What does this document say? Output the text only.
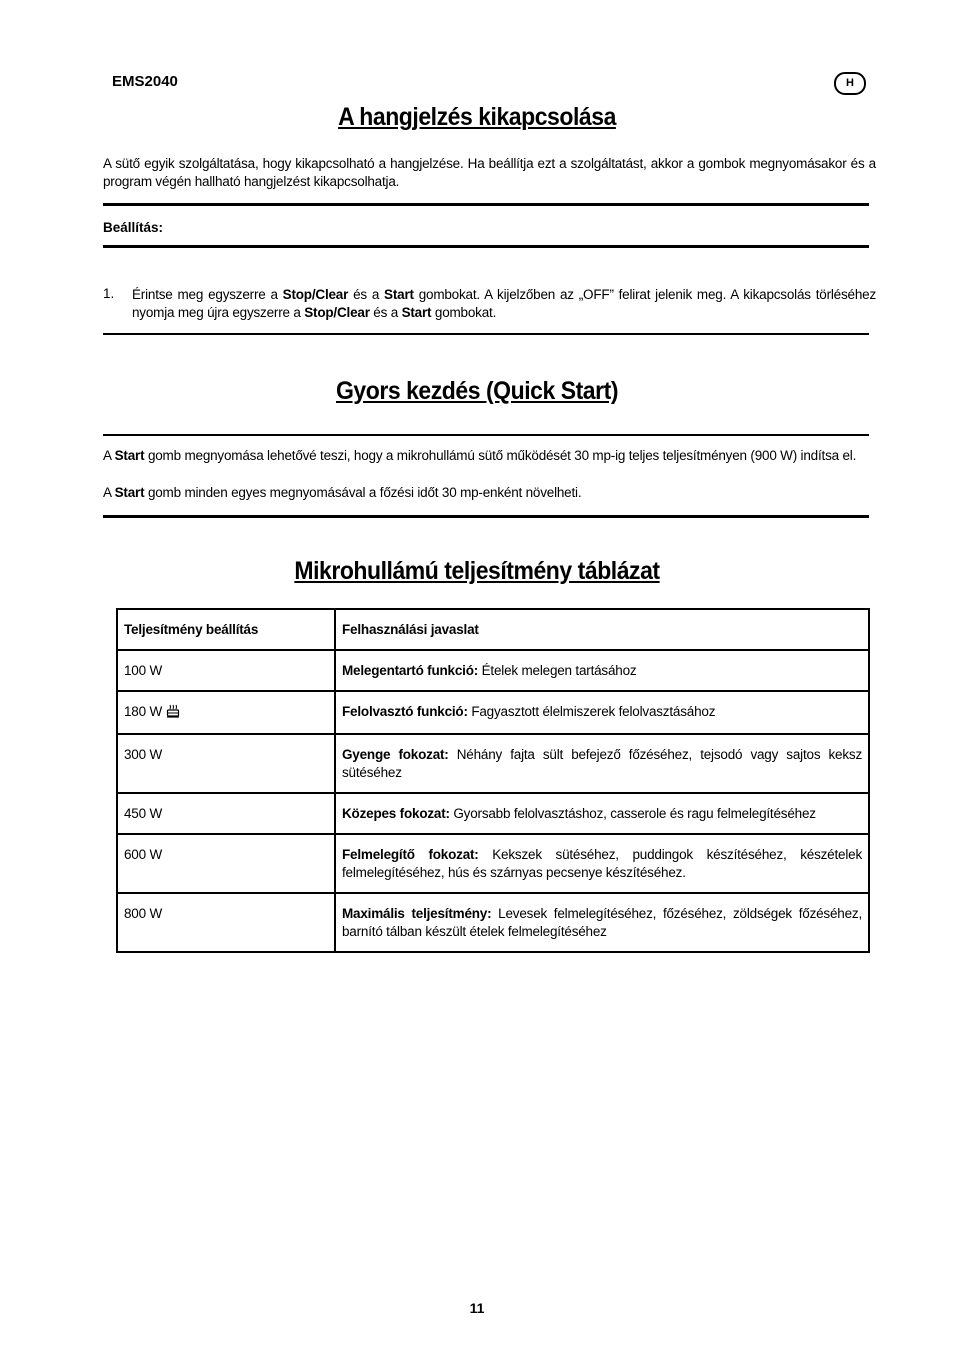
EMS2040	H
A hangjelzés kikapcsolása
A sütő egyik szolgáltatása, hogy kikapcsolható a hangjelzése. Ha beállítja ezt a szolgáltatást, akkor a gombok megnyomásakor és a program végén hallható hangjelzést kikapcsolhatja.
Beállítás:
1. Érintse meg egyszerre a Stop/Clear és a Start gombokat. A kijelzőben az „OFF” felirat jelenik meg. A kikapcsolás törléséhez nyomja meg újra egyszerre a Stop/Clear és a Start gombokat.
Gyors kezdés (Quick Start)
A Start gomb megnyomása lehetővé teszi, hogy a mikrohullámú sütő működését 30 mp-ig teljes teljesítményen (900 W) indítsa el.
A Start gomb minden egyes megnyomásával a főzési időt 30 mp-enként növelheti.
Mikrohullámú teljesítmény táblázat
Teljesítmény beállítás	Felhasználási javaslat
100 W	Melegentartó funkció: Ételek melegen tartásához
180 W	Felolvasztó funkció: Fagyasztott élelmiszerek felolvasztásához
300 W	Gyenge fokozat: Néhány fajta sült befejező főzéséhez, tejsodó vagy sajtos keksz sütéséhez
450 W	Közepes fokozat: Gyorsabb felolvasztáshoz, casserole és ragu felmelegítéséhez
600 W	Felmelegítő fokozat: Kekszek sütéséhez, puddingok készítéséhez, készételek felmelegítéséhez, hús és szárnyas pecsenye készítéséhez.
800 W	Maximális teljesítmény: Levesek felmelegítéséhez, főzéséhez, zöldségek főzéséhez, barnító tálban készült ételek felmelegítéséhez
11
